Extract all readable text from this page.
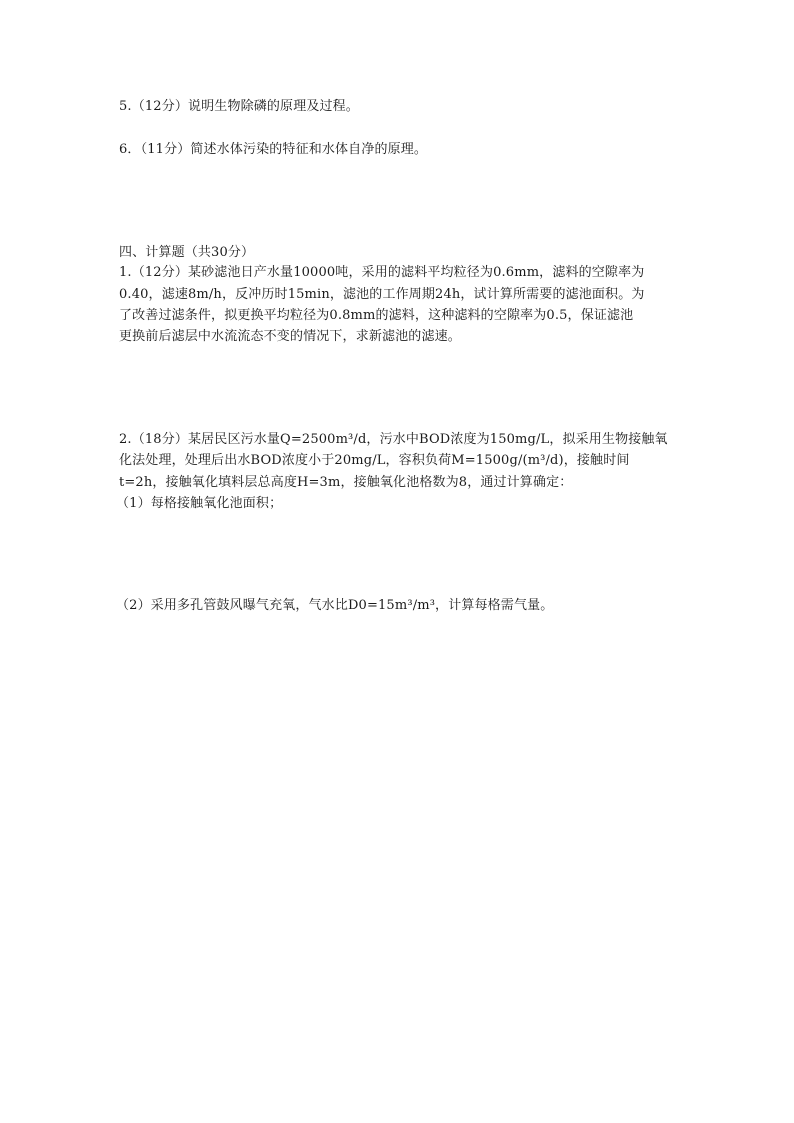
5.（12分）说明生物除磷的原理及过程。
6．（11分）简述水体污染的特征和水体自净的原理。
四、计算题（共30分）
1.（12分）某砂滤池日产水量10000吨，采用的滤料平均粒径为0.6mm，滤料的空隙率为
0.40，滤速8m/h，反冲历时15min，滤池的工作周期24h，试计算所需要的滤池面积。为
了改善过滤条件，拟更换平均粒径为0.8mm的滤料，这种滤料的空隙率为0.5，保证滤池
更换前后滤层中水流流态不变的情况下，求新滤池的滤速。
2.（18分）某居民区污水量Q=2500m³/d，污水中BOD浓度为150mg/L，拟采用生物接触氧
化法处理，处理后出水BOD浓度小于20mg/L，容积负荷M=1500g/(m³/d)，接触时间
t=2h，接触氧化填料层总高度H=3m，接触氧化池格数为8，通过计算确定：
（1）每格接触氧化池面积；
（2）采用多孔管鼓风曝气充氧，气水比D0=15m³/m³，计算每格需气量。
